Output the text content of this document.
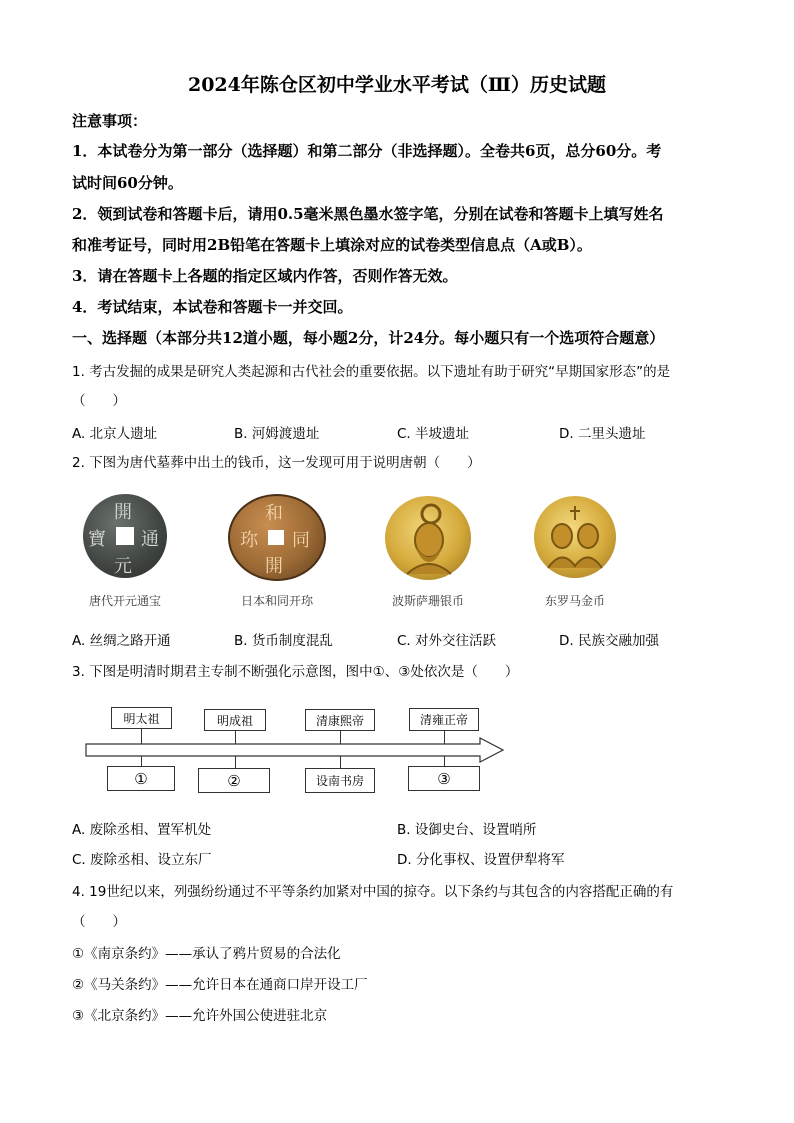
2024年陈仓区初中学业水平考试（Ⅲ）历史试题
注意事项：
1．本试卷分为第一部分（选择题）和第二部分（非选择题）。全卷共6页，总分60分。考
试时间60分钟。
2．领到试卷和答题卡后，请用0.5毫米黑色墨水签字笔，分别在试卷和答题卡上填写姓名
和准考证号，同时用2B铅笔在答题卡上填涂对应的试卷类型信息点（A或B）。
3．请在答题卡上各题的指定区域内作答，否则作答无效。
4．考试结束，本试卷和答题卡一并交回。
一、选择题（本部分共12道小题，每小题2分，计24分。每小题只有一个选项符合题意）
1. 考古发掘的成果是研究人类起源和古代社会的重要依据。以下遗址有助于研究“早期国家形态”的是
（　　）
A. 北京人遗址	B. 河姆渡遗址	C. 半坡遗址	D. 二里头遗址
2. 下图为唐代墓葬中出土的钱币，这一发现可用于说明唐朝（　　）
開
通
元
寶
唐代开元通宝
和
同
開
珎
日本和同开珎	波斯萨珊银币	东罗马金币
A. 丝绸之路开通	B. 货币制度混乱	C. 对外交往活跃	D. 民族交融加强
3. 下图是明清时期君主专制不断强化示意图，图中①、③处依次是（　　）
明太祖	明成祖	清康熙帝	清雍正帝
①	②	设南书房	③
A. 废除丞相、置军机处	B. 设御史台、设置哨所
C. 废除丞相、设立东厂	D. 分化事权、设置伊犁将军
4. 19世纪以来，列强纷纷通过不平等条约加紧对中国的掠夺。以下条约与其包含的内容搭配正确的有
（　　）
①《南京条约》——承认了鸦片贸易的合法化
②《马关条约》——允许日本在通商口岸开设工厂
③《北京条约》——允许外国公使进驻北京
